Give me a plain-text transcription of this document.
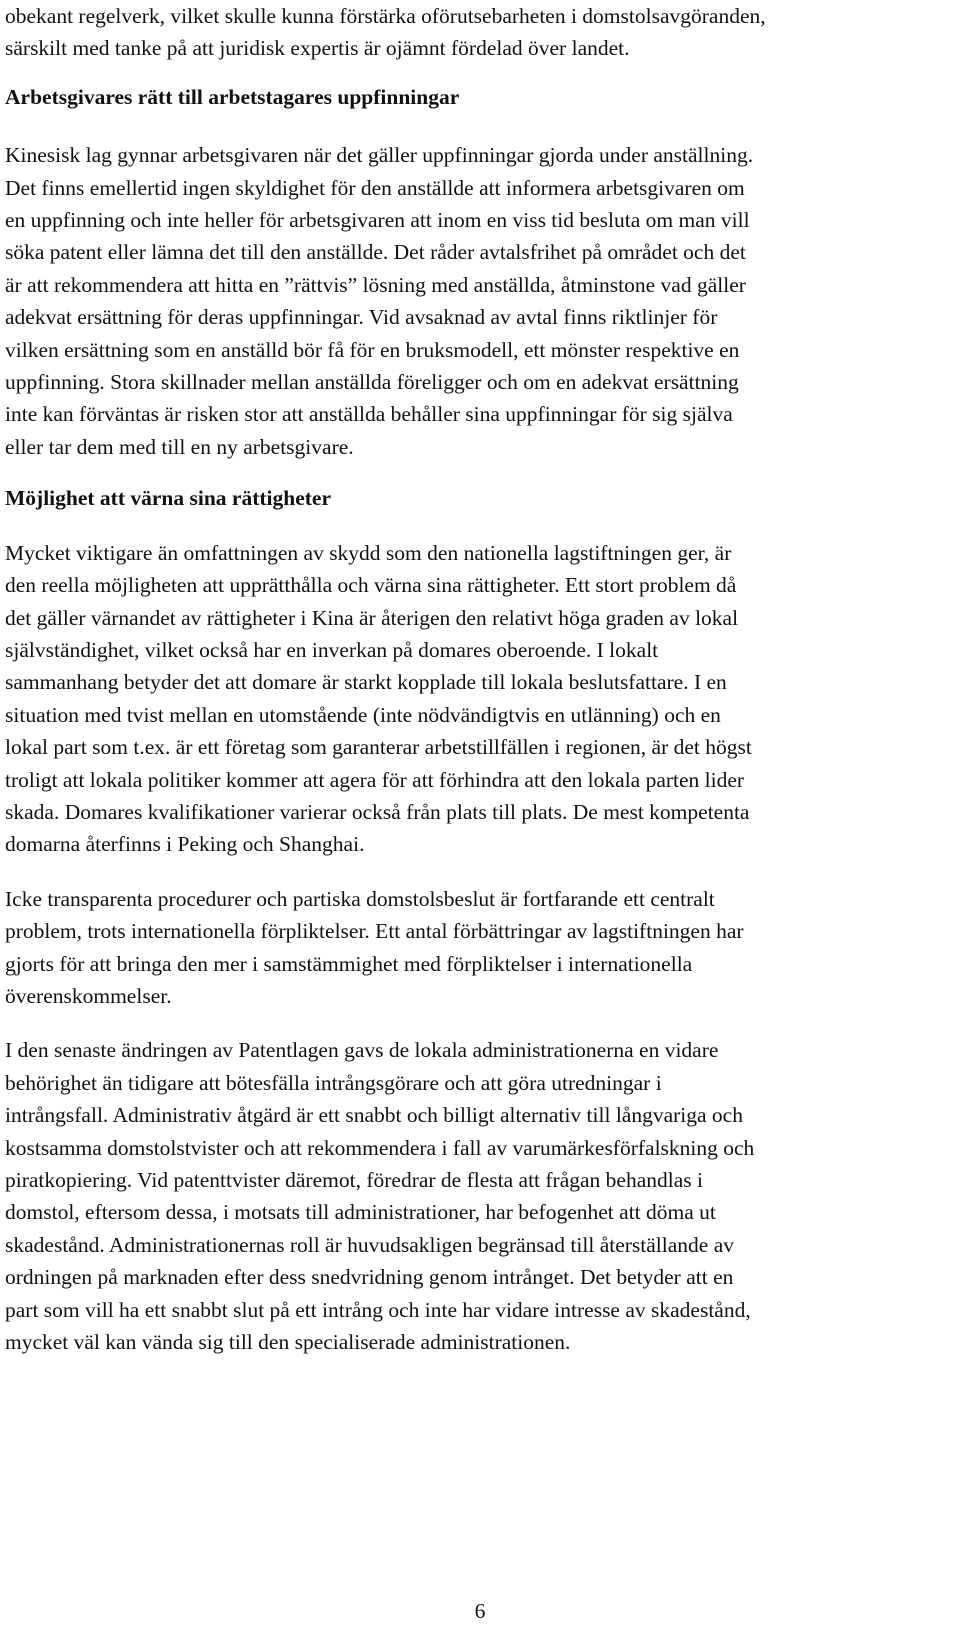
obekant regelverk, vilket skulle kunna förstärka oförutsebarheten i domstolsavgöranden,
särskilt med tanke på att juridisk expertis är ojämnt fördelad över landet.

Arbetsgivares rätt till arbetstagares uppfinningar

Kinesisk lag gynnar arbetsgivaren när det gäller uppfinningar gjorda under anställning.
Det finns emellertid ingen skyldighet för den anställde att informera arbetsgivaren om
en uppfinning och inte heller för arbetsgivaren att inom en viss tid besluta om man vill
söka patent eller lämna det till den anställde. Det råder avtalsfrihet på området och det
är att rekommendera att hitta en ”rättvis” lösning med anställda, åtminstone vad gäller
adekvat ersättning för deras uppfinningar. Vid avsaknad av avtal finns riktlinjer för
vilken ersättning som en anställd bör få för en bruksmodell, ett mönster respektive en
uppfinning. Stora skillnader mellan anställda föreligger och om en adekvat ersättning
inte kan förväntas är risken stor att anställda behåller sina uppfinningar för sig själva
eller tar dem med till en ny arbetsgivare.

Möjlighet att värna sina rättigheter

Mycket viktigare än omfattningen av skydd som den nationella lagstiftningen ger, är
den reella möjligheten att upprätthålla och värna sina rättigheter. Ett stort problem då
det gäller värnandet av rättigheter i Kina är återigen den relativt höga graden av lokal
självständighet, vilket också har en inverkan på domares oberoende. I lokalt
sammanhang betyder det att domare är starkt kopplade till lokala beslutsfattare. I en
situation med tvist mellan en utomstående (inte nödvändigtvis en utlänning) och en
lokal part som t.ex. är ett företag som garanterar arbetstillfällen i regionen, är det högst
troligt att lokala politiker kommer att agera för att förhindra att den lokala parten lider
skada. Domares kvalifikationer varierar också från plats till plats. De mest kompetenta
domarna återfinns i Peking och Shanghai.

Icke transparenta procedurer och partiska domstolsbeslut är fortfarande ett centralt
problem, trots internationella förpliktelser. Ett antal förbättringar av lagstiftningen har
gjorts för att bringa den mer i samstämmighet med förpliktelser i internationella
överenskommelser.

I den senaste ändringen av Patentlagen gavs de lokala administrationerna en vidare
behörighet än tidigare att bötesfälla intrångsgörare och att göra utredningar i
intrångsfall. Administrativ åtgärd är ett snabbt och billigt alternativ till långvariga och
kostsamma domstolstvister och att rekommendera i fall av varumärkesförfalskning och
piratkopiering. Vid patenttvister däremot, föredrar de flesta att frågan behandlas i
domstol, eftersom dessa, i motsats till administrationer, har befogenhet att döma ut
skadestånd. Administrationernas roll är huvudsakligen begränsad till återställande av
ordningen på marknaden efter dess snedvridning genom intrånget. Det betyder att en
part som vill ha ett snabbt slut på ett intrång och inte har vidare intresse av skadestånd,
mycket väl kan vända sig till den specialiserade administrationen.

6
